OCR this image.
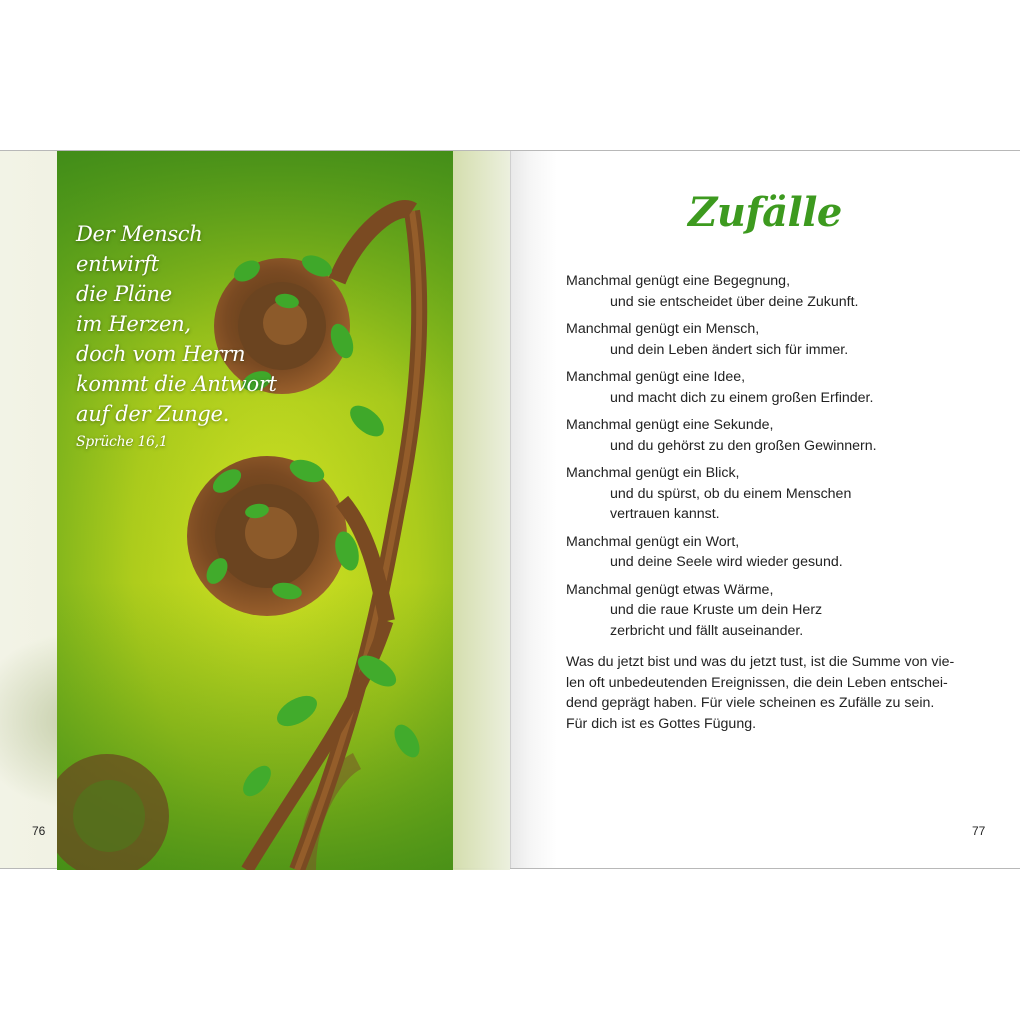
Der Mensch
entwirft
die Pläne
im Herzen,
doch vom Herrn
kommt die Antwort
auf der Zunge.
Sprüche 16,1
76
Zufälle
Manchmal genügt eine Begegnung,
und sie entscheidet über deine Zukunft.
Manchmal genügt ein Mensch,
und dein Leben ändert sich für immer.
Manchmal genügt eine Idee,
und macht dich zu einem großen Erfinder.
Manchmal genügt eine Sekunde,
und du gehörst zu den großen Gewinnern.
Manchmal genügt ein Blick,
und du spürst, ob du einem Menschen
vertrauen kannst.
Manchmal genügt ein Wort,
und deine Seele wird wieder gesund.
Manchmal genügt etwas Wärme,
und die raue Kruste um dein Herz
zerbricht und fällt auseinander.
Was du jetzt bist und was du jetzt tust, ist die Summe von vie-
len oft unbedeutenden Ereignissen, die dein Leben entschei-
dend geprägt haben. Für viele scheinen es Zufälle zu sein.
Für dich ist es Gottes Fügung.
77
